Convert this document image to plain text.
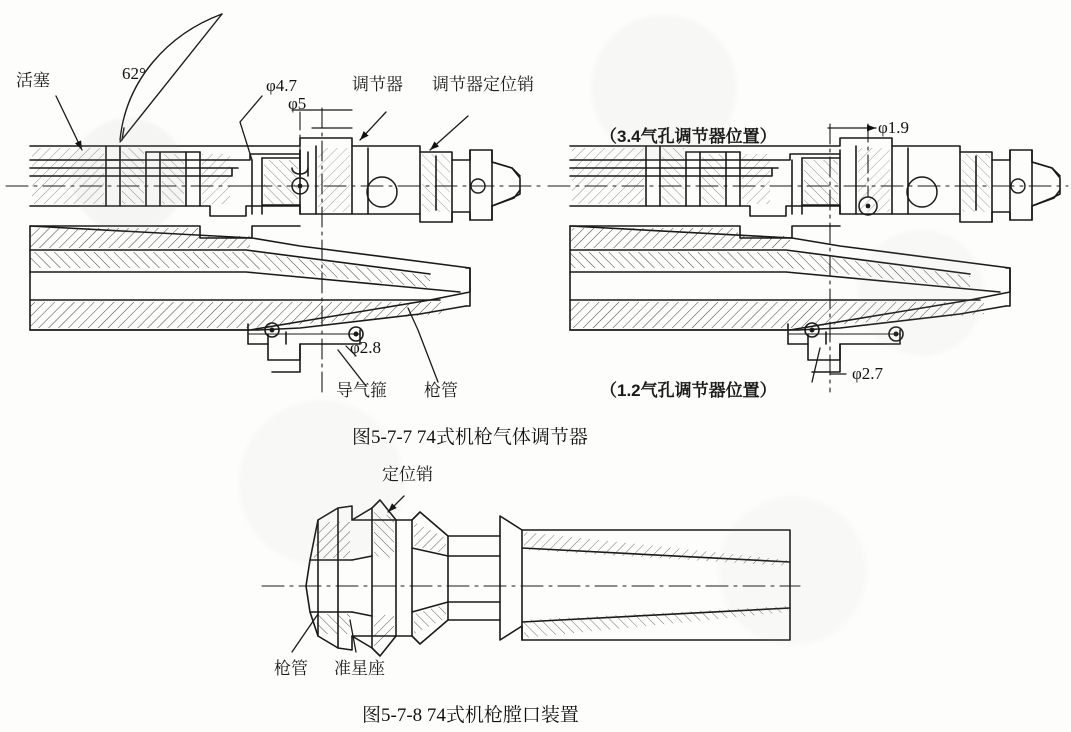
活塞	62°
φ4.7
φ5
调节器 调节器定位销
φ2.8
导气箍 枪管
（3.4气孔调节器位置）	φ1.9
φ2.7
（1.2气孔调节器位置）
图5-7-7 74式机枪气体调节器
定位销
枪管 准星座
图5-7-8 74式机枪膛口装置
